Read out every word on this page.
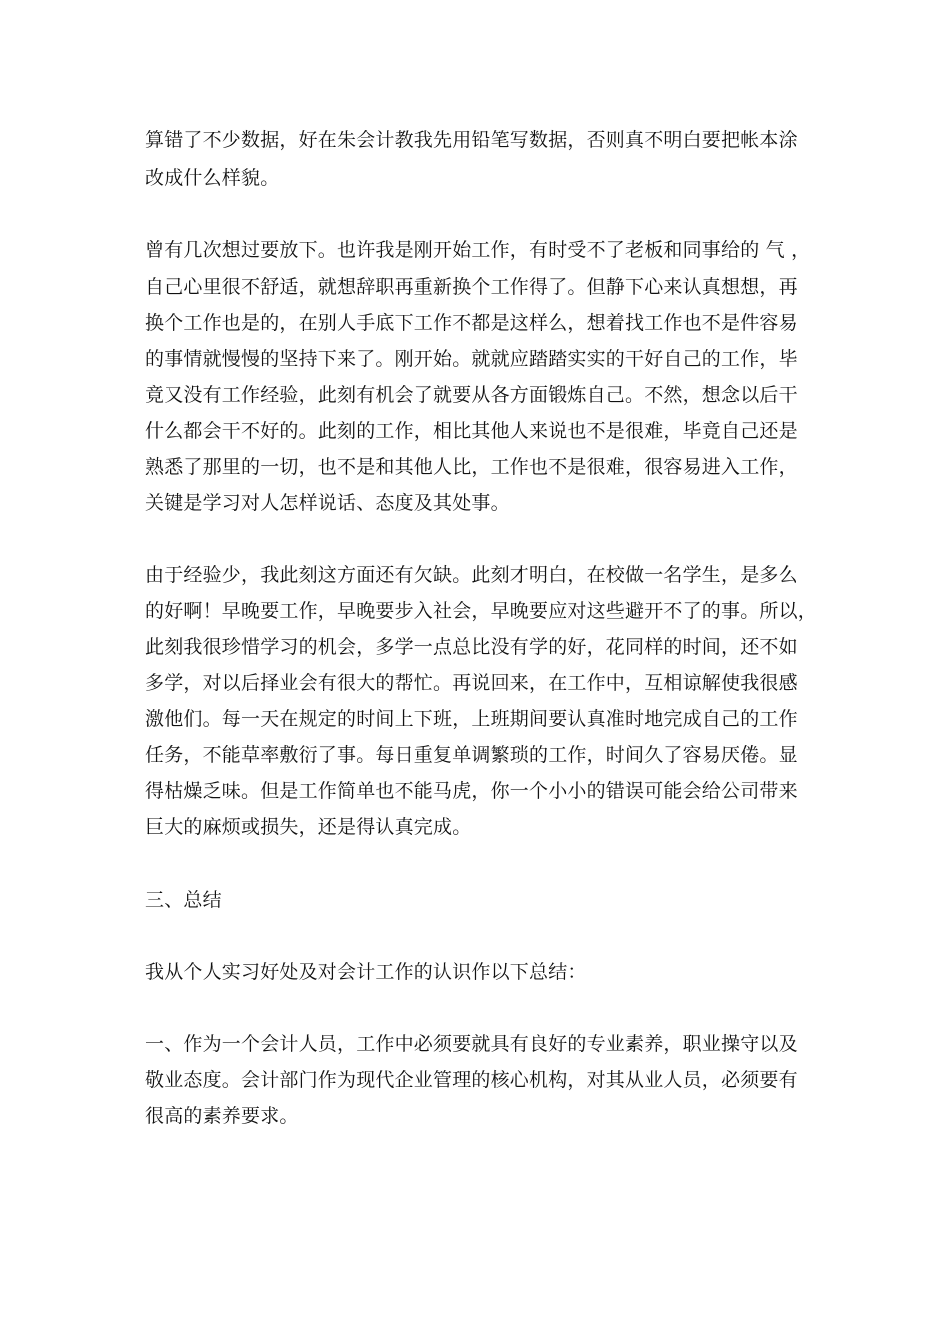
算错了不少数据，好在朱会计教我先用铅笔写数据，否则真不明白要把帐本涂
改成什么样貌。
曾有几次想过要放下。也许我是刚开始工作，有时受不了老板和同事给的 气 ，
自己心里很不舒适，就想辞职再重新换个工作得了。但静下心来认真想想，再
换个工作也是的，在别人手底下工作不都是这样么，想着找工作也不是件容易
的事情就慢慢的坚持下来了。刚开始。就就应踏踏实实的干好自己的工作，毕
竟又没有工作经验，此刻有机会了就要从各方面锻炼自己。不然，想念以后干
什么都会干不好的。此刻的工作，相比其他人来说也不是很难，毕竟自己还是
熟悉了那里的一切，也不是和其他人比，工作也不是很难，很容易进入工作，
关键是学习对人怎样说话、态度及其处事。
由于经验少，我此刻这方面还有欠缺。此刻才明白，在校做一名学生，是多么
的好啊！早晚要工作，早晚要步入社会，早晚要应对这些避开不了的事。所以，
此刻我很珍惜学习的机会，多学一点总比没有学的好，花同样的时间，还不如
多学，对以后择业会有很大的帮忙。再说回来，在工作中，互相谅解使我很感
激他们。每一天在规定的时间上下班，上班期间要认真准时地完成自己的工作
任务，不能草率敷衍了事。每日重复单调繁琐的工作，时间久了容易厌倦。显
得枯燥乏味。但是工作简单也不能马虎，你一个小小的错误可能会给公司带来
巨大的麻烦或损失，还是得认真完成。
三、总结
我从个人实习好处及对会计工作的认识作以下总结：
一、作为一个会计人员，工作中必须要就具有良好的专业素养，职业操守以及
敬业态度。会计部门作为现代企业管理的核心机构，对其从业人员，必须要有
很高的素养要求。
